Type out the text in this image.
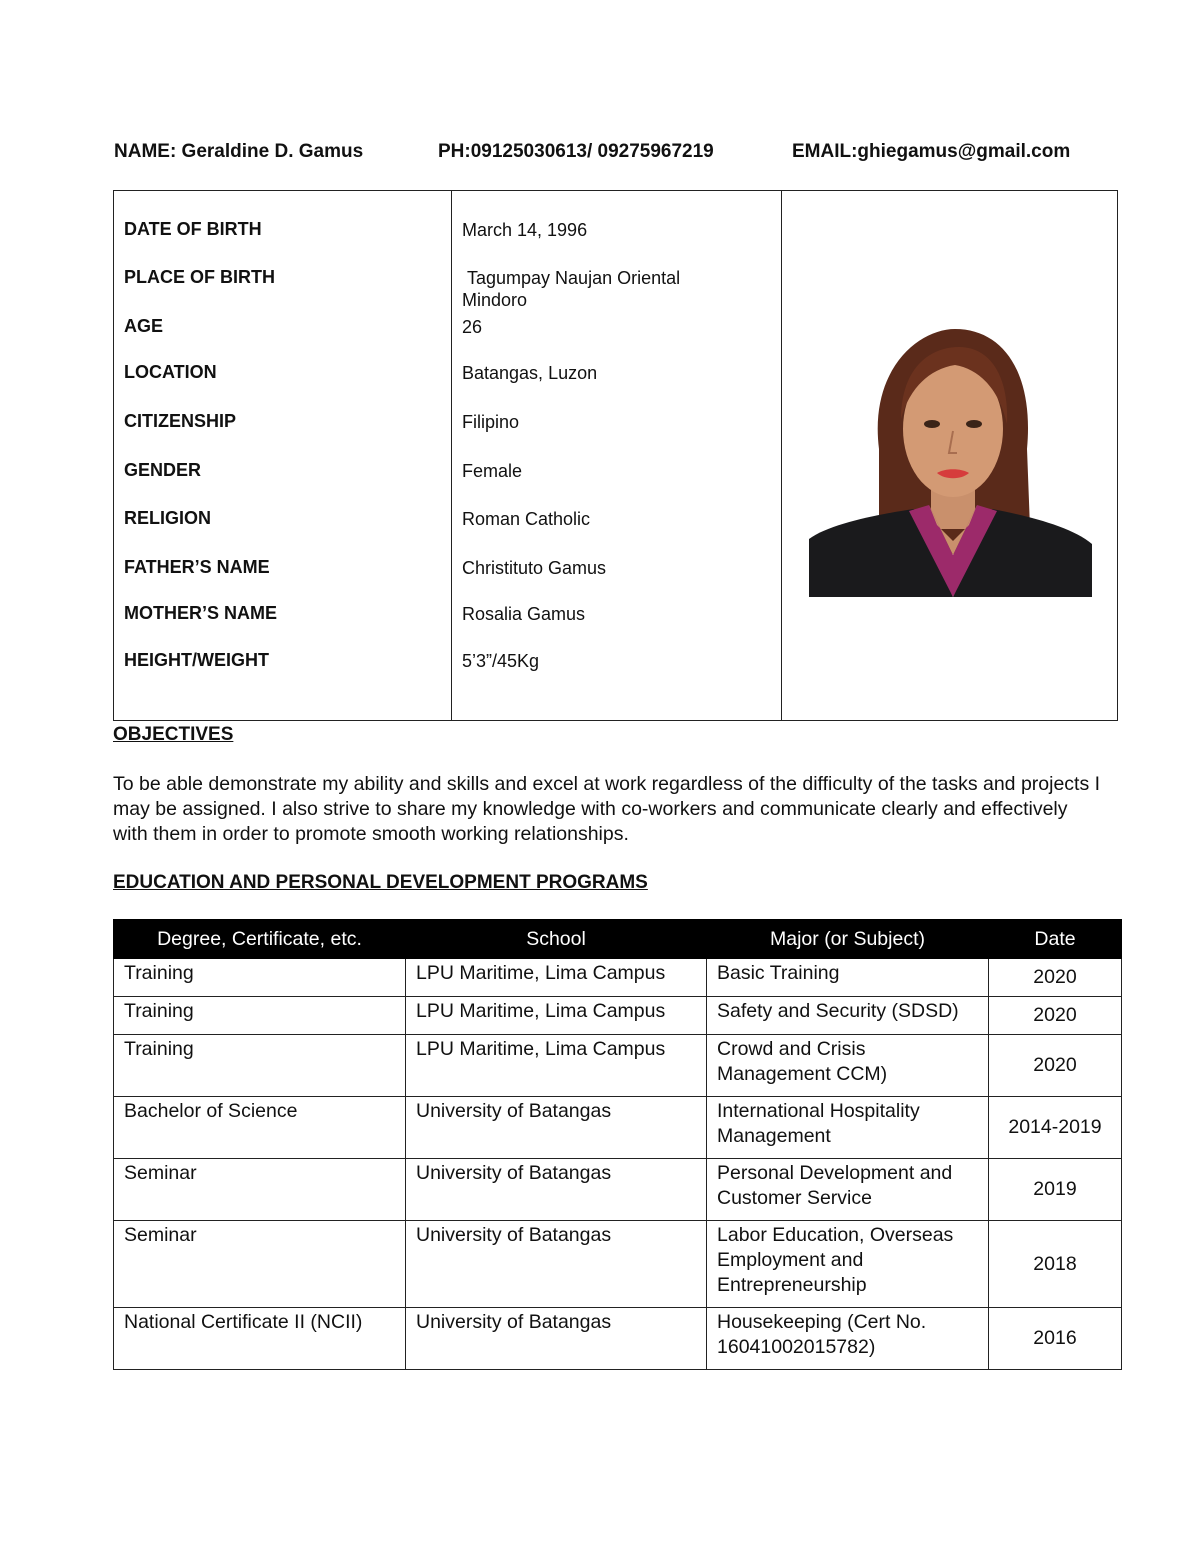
NAME: Geraldine D. Gamus	PH:09125030613/ 09275967219	EMAIL:ghiegamus@gmail.com
DATE OF BIRTH	March 14, 1996
PLACE OF BIRTH	Tagumpay Naujan Oriental Mindoro
AGE	26
LOCATION	Batangas, Luzon
CITIZENSHIP	Filipino
GENDER	Female
RELIGION	Roman Catholic
FATHER’S NAME	Christituto Gamus
MOTHER’S NAME	Rosalia Gamus
HEIGHT/WEIGHT	5’3”/45Kg
OBJECTIVES
To be able demonstrate my ability and skills and excel at work regardless of the difficulty of the tasks and projects I may be assigned. I also strive to share my knowledge with co-workers and communicate clearly and effectively with them in order to promote smooth working relationships.
EDUCATION AND PERSONAL DEVELOPMENT PROGRAMS
Degree, Certificate, etc.	School	Major (or Subject)	Date
Training	LPU Maritime, Lima Campus	Basic Training	2020
Training	LPU Maritime, Lima Campus	Safety and Security (SDSD)	2020
Training	LPU Maritime, Lima Campus	Crowd and Crisis Management CCM)	2020
Bachelor of Science	University of Batangas	International Hospitality Management	2014-2019
Seminar	University of Batangas	Personal Development and Customer Service	2019
Seminar	University of Batangas	Labor Education, Overseas Employment and Entrepreneurship	2018
National Certificate II (NCII)	University of Batangas	Housekeeping (Cert No. 16041002015782)	2016
